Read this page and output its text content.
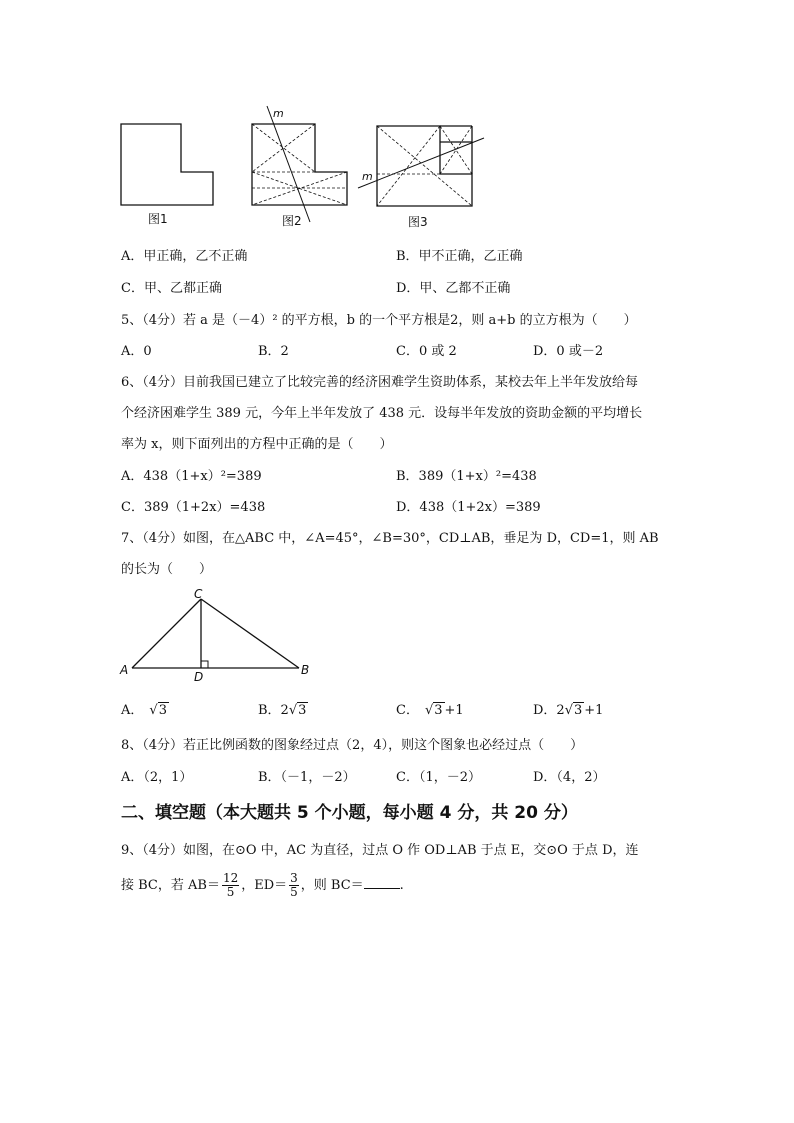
图1
m
图2
m
图3
A．甲正确，乙不正确	B．甲不正确，乙正确
C．甲、乙都正确	D．甲、乙都不正确
5、（4分）若 a 是（－4）² 的平方根，b 的一个平方根是2，则 a+b 的立方根为（　　）
A．0	B．2	C．0 或 2	D．0 或－2
6、（4分）目前我国已建立了比较完善的经济困难学生资助体系，某校去年上半年发放给每
个经济困难学生 389 元，今年上半年发放了 438 元．设每半年发放的资助金额的平均增长
率为 x，则下面列出的方程中正确的是（　　）
A．438（1+x）²=389	B．389（1+x）²=438
C．389（1+2x）=438	D．438（1+2x）=389
7、（4分）如图，在△ABC 中，∠A=45°，∠B=30°，CD⊥AB，垂足为 D，CD=1，则 AB
的长为（　　）
A	B
C
D
A． √3	B．2√3	C． √3 +1	D．2√3 +1
8、（4分）若正比例函数的图象经过点（2，4），则这个图象也必经过点（　　）
A．（2，1）	B．（－1，－2）	C．（1，－2）	D．（4，2）
二、填空题（本大题共 5 个小题，每小题 4 分，共 20 分）
9、（4分）如图，在⊙O 中，AC 为直径，过点 O 作 OD⊥AB 于点 E，交⊙O 于点 D，连
接 BC，若 $AB= \frac{12}{5}$ ，$ED= \frac{3}{5}$ ，则 BC＝	.
